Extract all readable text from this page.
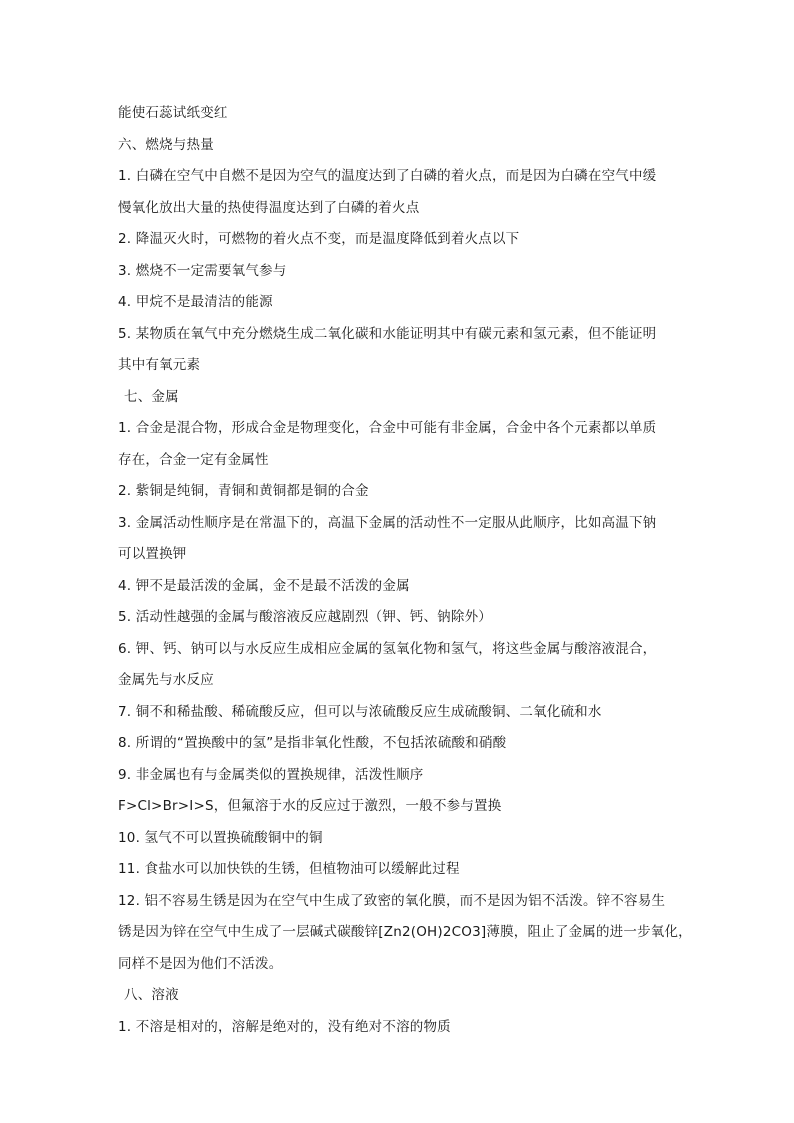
能使石蕊试纸变红
六、燃烧与热量
1. 白磷在空气中自燃不是因为空气的温度达到了白磷的着火点，而是因为白磷在空气中缓
慢氧化放出大量的热使得温度达到了白磷的着火点
2. 降温灭火时，可燃物的着火点不变，而是温度降低到着火点以下
3. 燃烧不一定需要氧气参与
4. 甲烷不是最清洁的能源
5. 某物质在氧气中充分燃烧生成二氧化碳和水能证明其中有碳元素和氢元素，但不能证明
其中有氧元素
七、金属
1. 合金是混合物，形成合金是物理变化，合金中可能有非金属，合金中各个元素都以单质
存在，合金一定有金属性
2. 紫铜是纯铜，青铜和黄铜都是铜的合金
3. 金属活动性顺序是在常温下的，高温下金属的活动性不一定服从此顺序，比如高温下钠
可以置换钾
4. 钾不是最活泼的金属，金不是最不活泼的金属
5. 活动性越强的金属与酸溶液反应越剧烈（钾、钙、钠除外）
6. 钾、钙、钠可以与水反应生成相应金属的氢氧化物和氢气，将这些金属与酸溶液混合，
金属先与水反应
7. 铜不和稀盐酸、稀硫酸反应，但可以与浓硫酸反应生成硫酸铜、二氧化硫和水
8. 所谓的“置换酸中的氢”是指非氧化性酸，不包括浓硫酸和硝酸
9. 非金属也有与金属类似的置换规律，活泼性顺序
F>Cl>Br>I>S，但氟溶于水的反应过于激烈，一般不参与置换
10. 氢气不可以置换硫酸铜中的铜
11. 食盐水可以加快铁的生锈，但植物油可以缓解此过程
12. 铝不容易生锈是因为在空气中生成了致密的氧化膜，而不是因为铝不活泼。锌不容易生
锈是因为锌在空气中生成了一层碱式碳酸锌[Zn2(OH)2CO3]薄膜，阻止了金属的进一步氧化，
同样不是因为他们不活泼。
八、溶液
1. 不溶是相对的，溶解是绝对的，没有绝对不溶的物质
